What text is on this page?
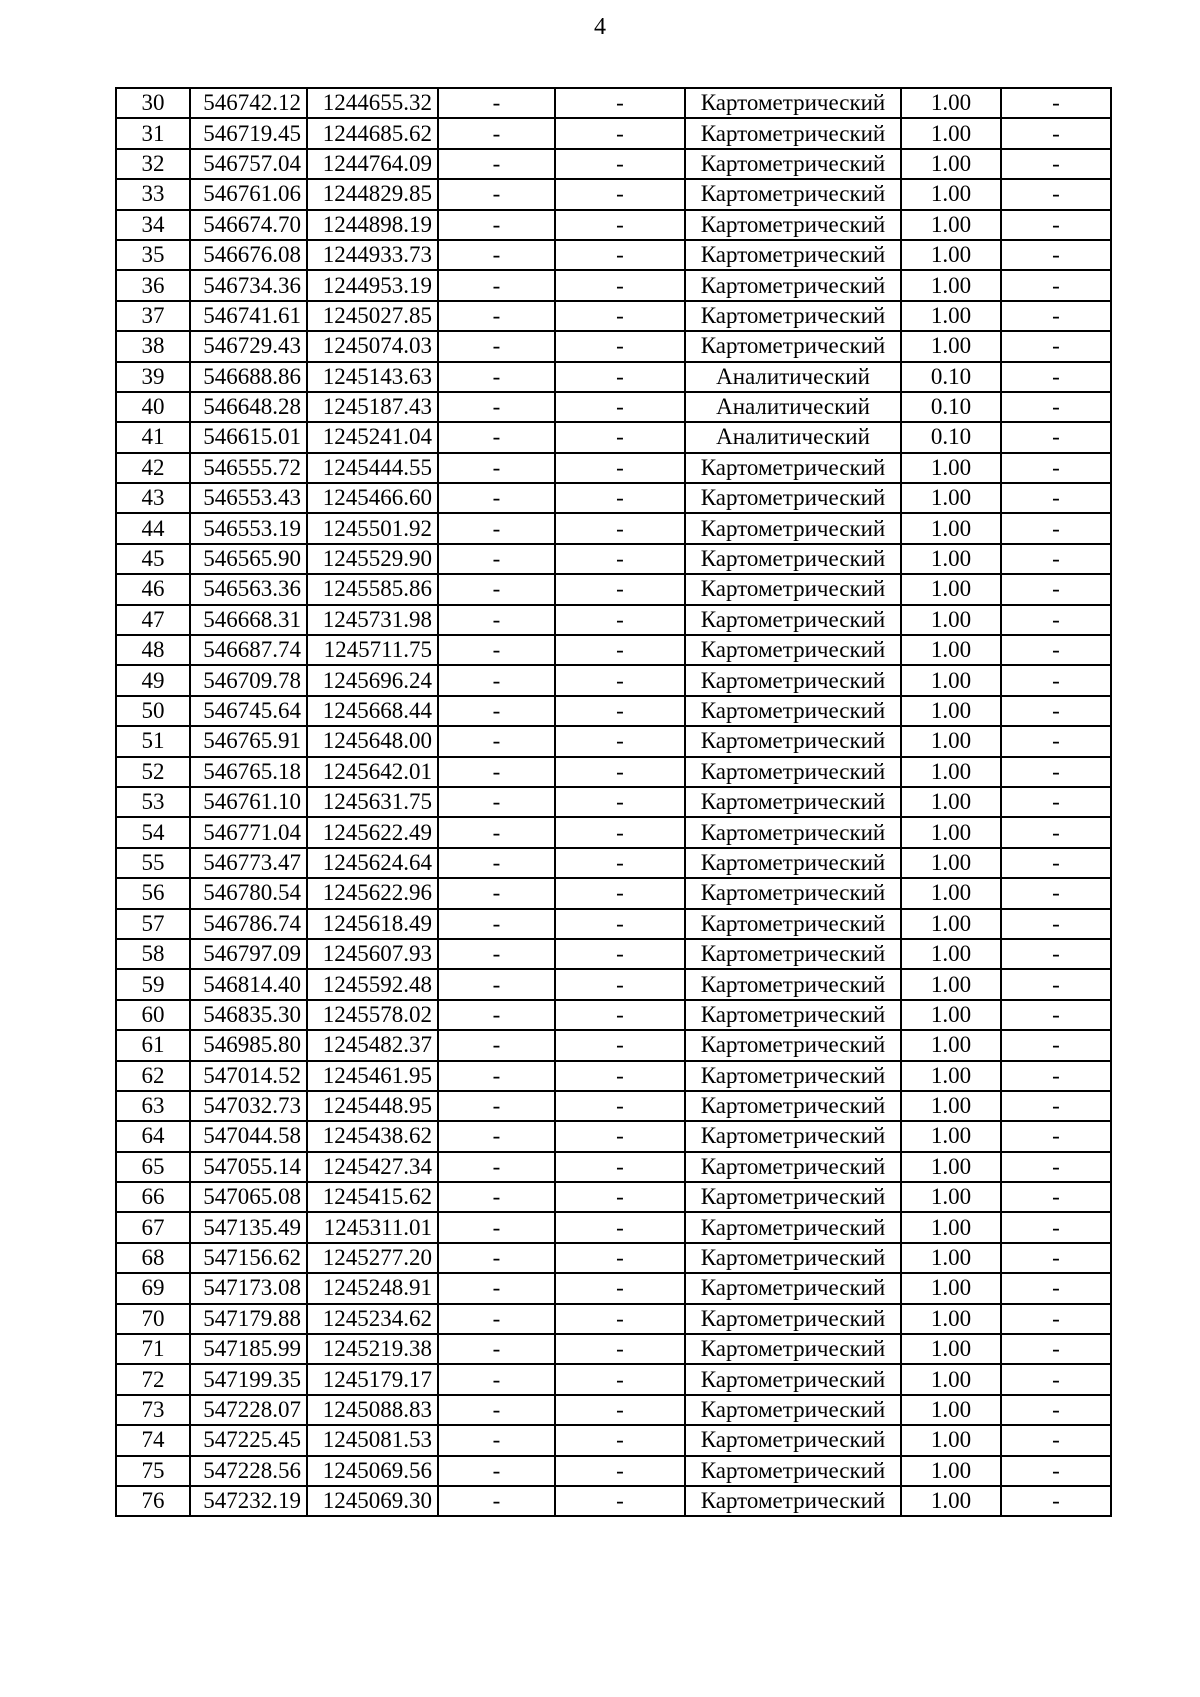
4
30	546742.12	1244655.32	-	-	Картометрический	1.00	-
31	546719.45	1244685.62	-	-	Картометрический	1.00	-
32	546757.04	1244764.09	-	-	Картометрический	1.00	-
33	546761.06	1244829.85	-	-	Картометрический	1.00	-
34	546674.70	1244898.19	-	-	Картометрический	1.00	-
35	546676.08	1244933.73	-	-	Картометрический	1.00	-
36	546734.36	1244953.19	-	-	Картометрический	1.00	-
37	546741.61	1245027.85	-	-	Картометрический	1.00	-
38	546729.43	1245074.03	-	-	Картометрический	1.00	-
39	546688.86	1245143.63	-	-	Аналитический	0.10	-
40	546648.28	1245187.43	-	-	Аналитический	0.10	-
41	546615.01	1245241.04	-	-	Аналитический	0.10	-
42	546555.72	1245444.55	-	-	Картометрический	1.00	-
43	546553.43	1245466.60	-	-	Картометрический	1.00	-
44	546553.19	1245501.92	-	-	Картометрический	1.00	-
45	546565.90	1245529.90	-	-	Картометрический	1.00	-
46	546563.36	1245585.86	-	-	Картометрический	1.00	-
47	546668.31	1245731.98	-	-	Картометрический	1.00	-
48	546687.74	1245711.75	-	-	Картометрический	1.00	-
49	546709.78	1245696.24	-	-	Картометрический	1.00	-
50	546745.64	1245668.44	-	-	Картометрический	1.00	-
51	546765.91	1245648.00	-	-	Картометрический	1.00	-
52	546765.18	1245642.01	-	-	Картометрический	1.00	-
53	546761.10	1245631.75	-	-	Картометрический	1.00	-
54	546771.04	1245622.49	-	-	Картометрический	1.00	-
55	546773.47	1245624.64	-	-	Картометрический	1.00	-
56	546780.54	1245622.96	-	-	Картометрический	1.00	-
57	546786.74	1245618.49	-	-	Картометрический	1.00	-
58	546797.09	1245607.93	-	-	Картометрический	1.00	-
59	546814.40	1245592.48	-	-	Картометрический	1.00	-
60	546835.30	1245578.02	-	-	Картометрический	1.00	-
61	546985.80	1245482.37	-	-	Картометрический	1.00	-
62	547014.52	1245461.95	-	-	Картометрический	1.00	-
63	547032.73	1245448.95	-	-	Картометрический	1.00	-
64	547044.58	1245438.62	-	-	Картометрический	1.00	-
65	547055.14	1245427.34	-	-	Картометрический	1.00	-
66	547065.08	1245415.62	-	-	Картометрический	1.00	-
67	547135.49	1245311.01	-	-	Картометрический	1.00	-
68	547156.62	1245277.20	-	-	Картометрический	1.00	-
69	547173.08	1245248.91	-	-	Картометрический	1.00	-
70	547179.88	1245234.62	-	-	Картометрический	1.00	-
71	547185.99	1245219.38	-	-	Картометрический	1.00	-
72	547199.35	1245179.17	-	-	Картометрический	1.00	-
73	547228.07	1245088.83	-	-	Картометрический	1.00	-
74	547225.45	1245081.53	-	-	Картометрический	1.00	-
75	547228.56	1245069.56	-	-	Картометрический	1.00	-
76	547232.19	1245069.30	-	-	Картометрический	1.00	-
